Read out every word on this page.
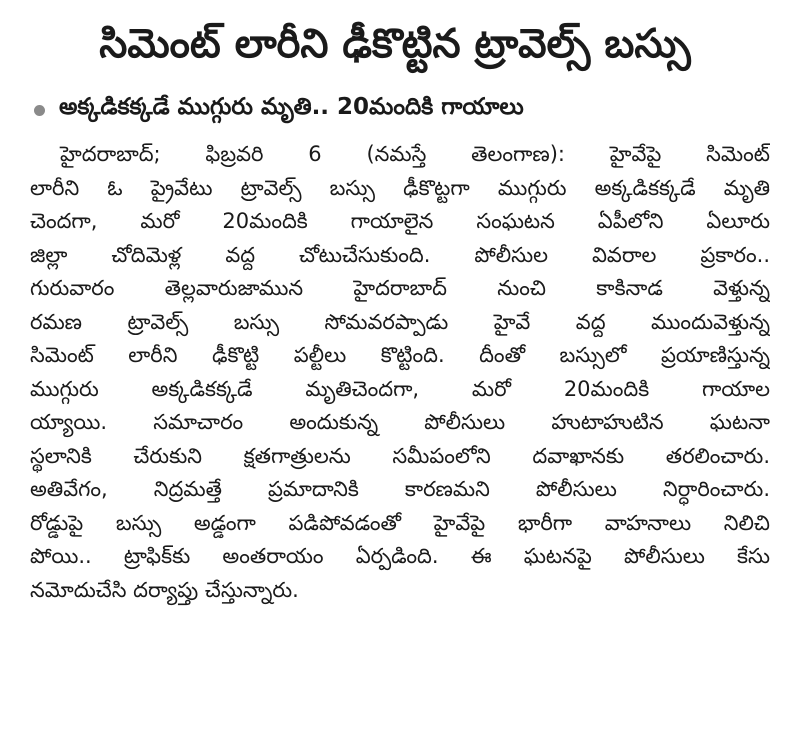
సిమెంట్ లారీని ఢీకొట్టిన ట్రావెల్స్ బస్సు
అక్కడికక్కడే ముగ్గురు మృతి.. 20మందికి గాయాలు
హైదరాబాద్; ఫిబ్రవరి 6 (నమస్తే తెలంగాణ): హైవేపై సిమెంట్
లారీని ఓ ప్రైవేటు ట్రావెల్స్ బస్సు ఢీకొట్టగా ముగ్గురు అక్కడికక్కడే మృతి
చెందగా, మరో 20మందికి గాయాలైన సంఘటన ఏపీలోని ఏలూరు
జిల్లా చోదిమెళ్ల వద్ద చోటుచేసుకుంది. పోలీసుల వివరాల ప్రకారం..
గురువారం తెల్లవారుజామున హైదరాబాద్ నుంచి కాకినాడ వెళ్తున్న
రమణ ట్రావెల్స్ బస్సు సోమవరప్పాడు హైవే వద్ద ముందువెళ్తున్న
సిమెంట్ లారీని ఢీకొట్టి పల్టీలు కొట్టింది. దీంతో బస్సులో ప్రయాణిస్తున్న
ముగ్గురు అక్కడికక్కడే మృతిచెందగా, మరో 20మందికి గాయాల
య్యాయి. సమాచారం అందుకున్న పోలీసులు హుటాహుటిన ఘటనా
స్థలానికి చేరుకుని క్షతగాత్రులను సమీపంలోని దవాఖానకు తరలించారు.
అతివేగం, నిద్రమత్తే ప్రమాదానికి కారణమని పోలీసులు నిర్ధారించారు.
రోడ్డుపై బస్సు అడ్డంగా పడిపోవడంతో హైవేపై భారీగా వాహనాలు నిలిచి
పోయి.. ట్రాఫిక్‌కు అంతరాయం ఏర్పడింది. ఈ ఘటనపై పోలీసులు కేసు
నమోదుచేసి దర్యాప్తు చేస్తున్నారు.
